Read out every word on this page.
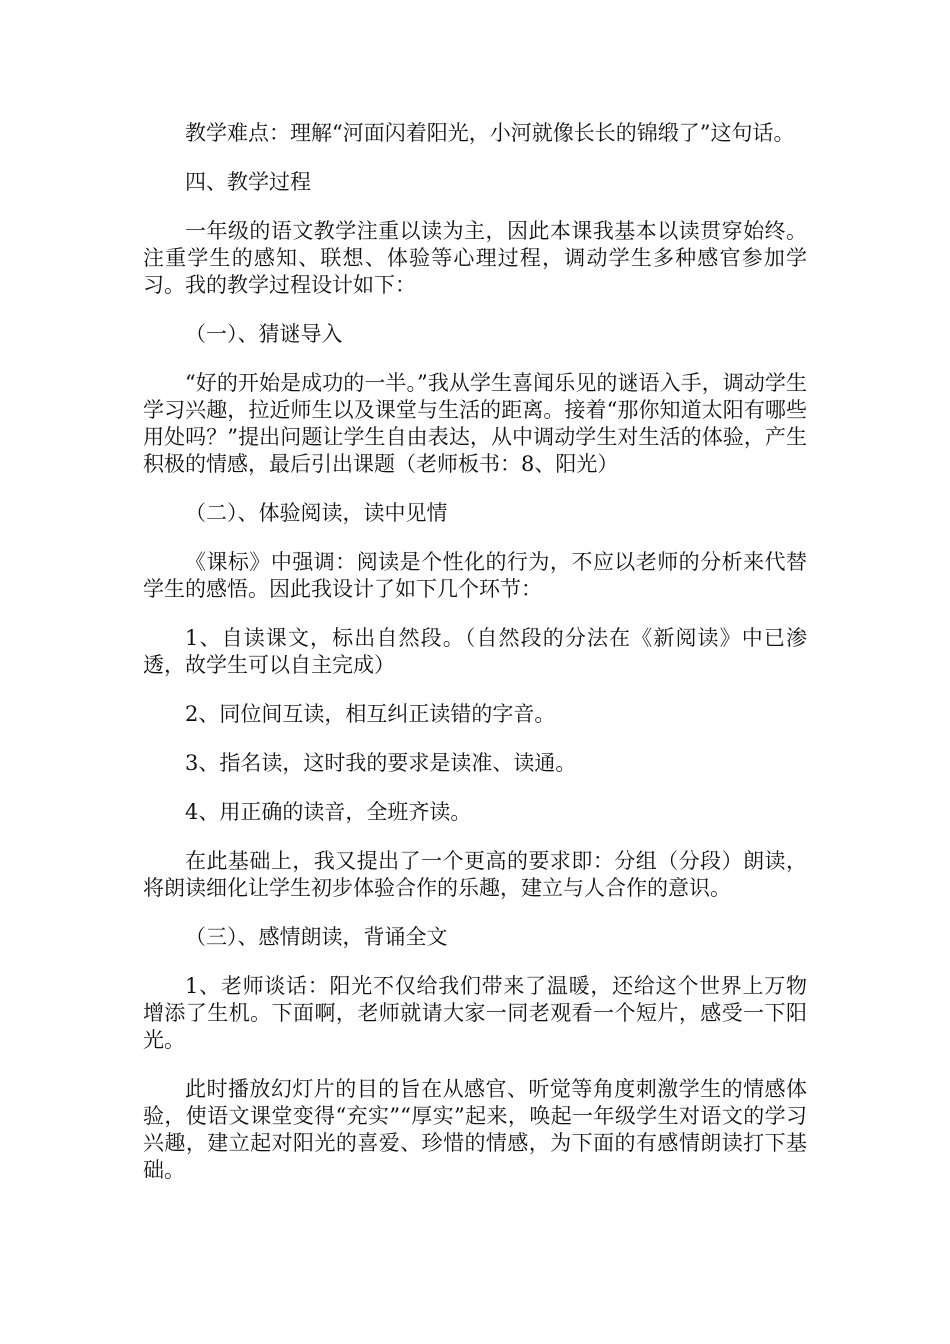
教学难点：理解“河面闪着阳光，小河就像长长的锦缎了”这句话。

四、教学过程

一年级的语文教学注重以读为主，因此本课我基本以读贯穿始终。注重学生的感知、联想、体验等心理过程，调动学生多种感官参加学习。我的教学过程设计如下：

（一）、猜谜导入

“好的开始是成功的一半。”我从学生喜闻乐见的谜语入手，调动学生学习兴趣，拉近师生以及课堂与生活的距离。接着“那你知道太阳有哪些用处吗？”提出问题让学生自由表达，从中调动学生对生活的体验，产生积极的情感，最后引出课题（老师板书：8、阳光）

（二）、体验阅读，读中见情

《课标》中强调：阅读是个性化的行为，不应以老师的分析来代替学生的感悟。因此我设计了如下几个环节：

1、自读课文，标出自然段。（自然段的分法在《新阅读》中已渗透，故学生可以自主完成）

2、同位间互读，相互纠正读错的字音。

3、指名读，这时我的要求是读准、读通。

4、用正确的读音，全班齐读。

在此基础上，我又提出了一个更高的要求即：分组（分段）朗读，将朗读细化让学生初步体验合作的乐趣，建立与人合作的意识。

（三）、感情朗读，背诵全文

1、老师谈话：阳光不仅给我们带来了温暖，还给这个世界上万物增添了生机。下面啊，老师就请大家一同老观看一个短片，感受一下阳光。

此时播放幻灯片的目的旨在从感官、听觉等角度刺激学生的情感体验，使语文课堂变得“充实”“厚实”起来，唤起一年级学生对语文的学习兴趣，建立起对阳光的喜爱、珍惜的情感，为下面的有感情朗读打下基础。
